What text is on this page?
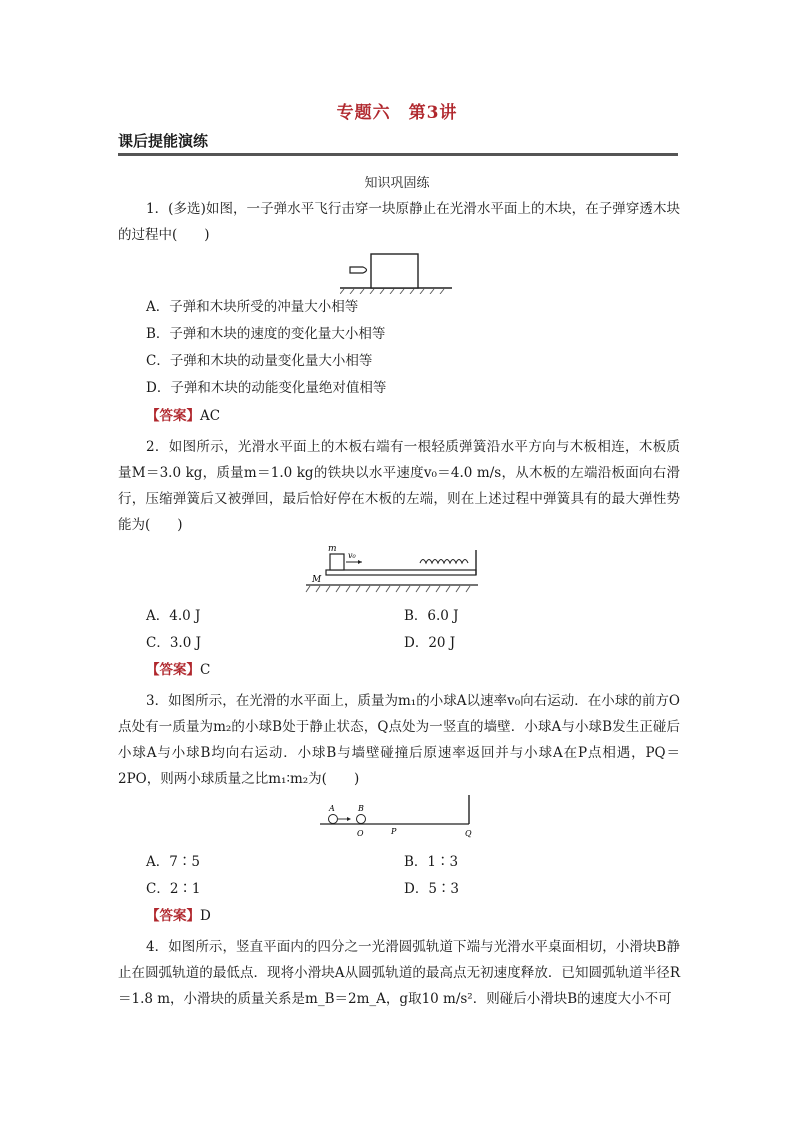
专题六　第3讲
课后提能演练
知识巩固练

1．(多选)如图，一子弹水平飞行击穿一块原静止在光滑水平面上的木块，在子弹穿透木块的过程中(　　)

A．子弹和木块所受的冲量大小相等
B．子弹和木块的速度的变化量大小相等
C．子弹和木块的动量变化量大小相等
D．子弹和木块的动能变化量绝对值相等
【答案】AC

2．如图所示，光滑水平面上的木板右端有一根轻质弹簧沿水平方向与木板相连，木板质量M＝3.0 kg，质量m＝1.0 kg的铁块以水平速度v₀＝4.0 m/s，从木板的左端沿板面向右滑行，压缩弹簧后又被弹回，最后恰好停在木板的左端，则在上述过程中弹簧具有的最大弹性势能为(　　)

m
v₀
M
A．4.0 J	B．6.0 J
C．3.0 J	D．20 J
【答案】C

3．如图所示，在光滑的水平面上，质量为m₁的小球A以速率v₀向右运动．在小球的前方O点处有一质量为m₂的小球B处于静止状态，Q点处为一竖直的墙壁．小球A与小球B发生正碰后小球A与小球B均向右运动．小球B与墙壁碰撞后原速率返回并与小球A在P点相遇，PQ＝2PO，则两小球质量之比m₁∶m₂为(　　)

A	B
O	P	Q
A．7∶5	B．1∶3
C．2∶1	D．5∶3
【答案】D

4．如图所示，竖直平面内的四分之一光滑圆弧轨道下端与光滑水平桌面相切，小滑块B静止在圆弧轨道的最低点．现将小滑块A从圆弧轨道的最高点无初速度释放．已知圆弧轨道半径R＝1.8 m，小滑块的质量关系是m_B＝2m_A，g取10 m/s²．则碰后小滑块B的速度大小不可
